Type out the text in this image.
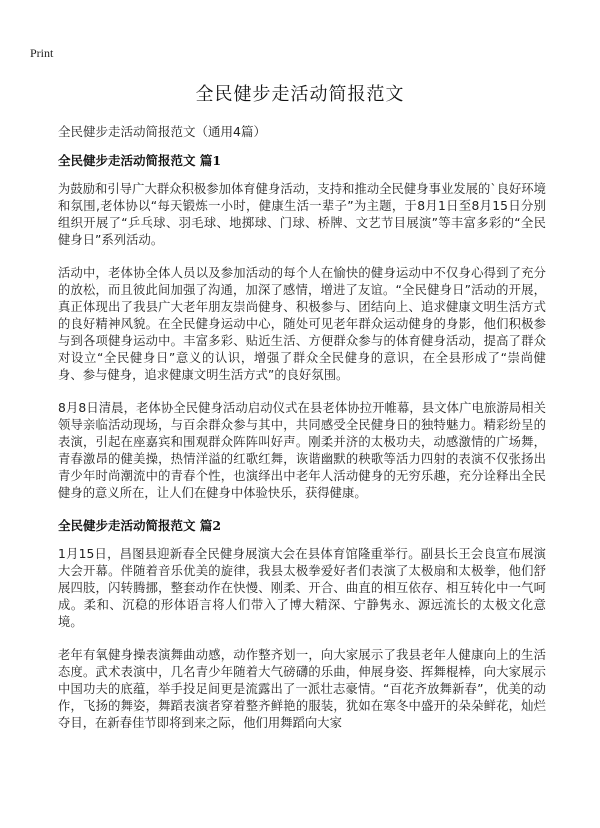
Print
全民健步走活动简报范文

全民健步走活动简报范文（通用4篇）

全民健步走活动简报范文 篇1

为鼓励和引导广大群众积极参加体育健身活动，支持和推动全民健身事业发展的`良好环境和氛围,老体协以“每天锻炼一小时，健康生活一辈子”为主题，于8月1日至8月15日分别组织开展了“乒乓球、羽毛球、地掷球、门球、桥牌、文艺节目展演”等丰富多彩的“全民健身日”系列活动。

活动中，老体协全体人员以及参加活动的每个人在愉快的健身运动中不仅身心得到了充分的放松，而且彼此间加强了沟通，加深了感情，增进了友谊。“全民健身日”活动的开展，真正体现出了我县广大老年朋友崇尚健身、积极参与、团结向上、追求健康文明生活方式的良好精神风貌。在全民健身运动中心，随处可见老年群众运动健身的身影，他们积极参与到各项健身运动中。丰富多彩、贴近生活、方便群众参与的体育健身活动，提高了群众对设立“全民健身日”意义的认识，增强了群众全民健身的意识，在全县形成了“崇尚健身、参与健身，追求健康文明生活方式”的良好氛围。

8月8日清晨，老体协全民健身活动启动仪式在县老体协拉开帷幕，县文体广电旅游局相关领导亲临活动现场，与百余群众参与其中，共同感受全民健身日的独特魅力。精彩纷呈的表演，引起在座嘉宾和围观群众阵阵叫好声。刚柔并济的太极功夫，动感激情的广场舞，青春激昂的健美操，热情洋溢的红歌红舞，诙谐幽默的秧歌等活力四射的表演不仅张扬出青少年时尚潮流中的青春个性，也演绎出中老年人活动健身的无穷乐趣，充分诠释出全民健身的意义所在，让人们在健身中体验快乐，获得健康。

全民健步走活动简报范文 篇2

1月15日，昌图县迎新春全民健身展演大会在县体育馆隆重举行。副县长王会良宣布展演大会开幕。伴随着音乐优美的旋律，我县太极拳爱好者们表演了太极扇和太极拳，他们舒展四肢，闪转腾挪，整套动作在快慢、刚柔、开合、曲直的相互依存、相互转化中一气呵成。柔和、沉稳的形体语言将人们带入了博大精深、宁静隽永、源远流长的太极文化意境。

老年有氧健身操表演舞曲动感，动作整齐划一，向大家展示了我县老年人健康向上的生活态度。武术表演中，几名青少年随着大气磅礴的乐曲，伸展身姿、挥舞棍棒，向大家展示中国功夫的底蕴，举手投足间更是流露出了一派壮志豪情。“百花齐放舞新春”，优美的动作，飞扬的舞姿，舞蹈表演者穿着整齐鲜艳的服装，犹如在寒冬中盛开的朵朵鲜花，灿烂夺目，在新春佳节即将到来之际，他们用舞蹈向大家
